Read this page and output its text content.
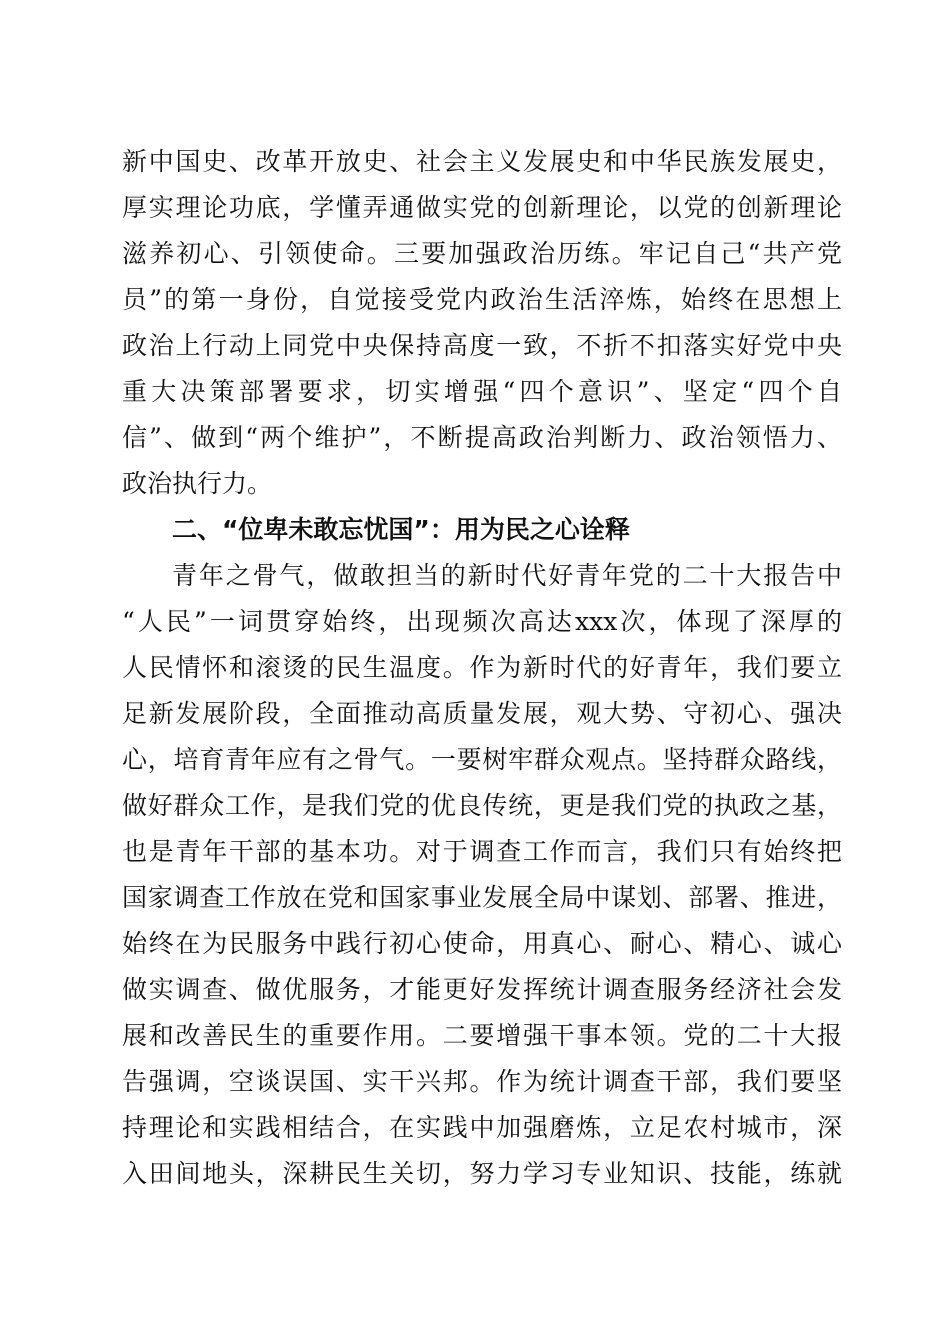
新中国史、改革开放史、社会主义发展史和中华民族发展史，
厚实理论功底，学懂弄通做实党的创新理论，以党的创新理论
滋养初心、引领使命。三要加强政治历练。牢记自己“共产党
员”的第一身份，自觉接受党内政治生活淬炼，始终在思想上
政治上行动上同党中央保持高度一致，不折不扣落实好党中央
重大决策部署要求，切实增强“四个意识”、坚定“四个自
信”、做到“两个维护”，不断提高政治判断力、政治领悟力、
政治执行力。
二、“位卑未敢忘忧国”：用为民之心诠释
青年之骨气，做敢担当的新时代好青年党的二十大报告中
“人民”一词贯穿始终，出现频次高达xxx次，体现了深厚的
人民情怀和滚烫的民生温度。作为新时代的好青年，我们要立
足新发展阶段，全面推动高质量发展，观大势、守初心、强决
心，培育青年应有之骨气。一要树牢群众观点。坚持群众路线，
做好群众工作，是我们党的优良传统，更是我们党的执政之基，
也是青年干部的基本功。对于调查工作而言，我们只有始终把
国家调查工作放在党和国家事业发展全局中谋划、部署、推进，
始终在为民服务中践行初心使命，用真心、耐心、精心、诚心
做实调查、做优服务，才能更好发挥统计调查服务经济社会发
展和改善民生的重要作用。二要增强干事本领。党的二十大报
告强调，空谈误国、实干兴邦。作为统计调查干部，我们要坚
持理论和实践相结合，在实践中加强磨炼，立足农村城市，深
入田间地头，深耕民生关切，努力学习专业知识、技能，练就
